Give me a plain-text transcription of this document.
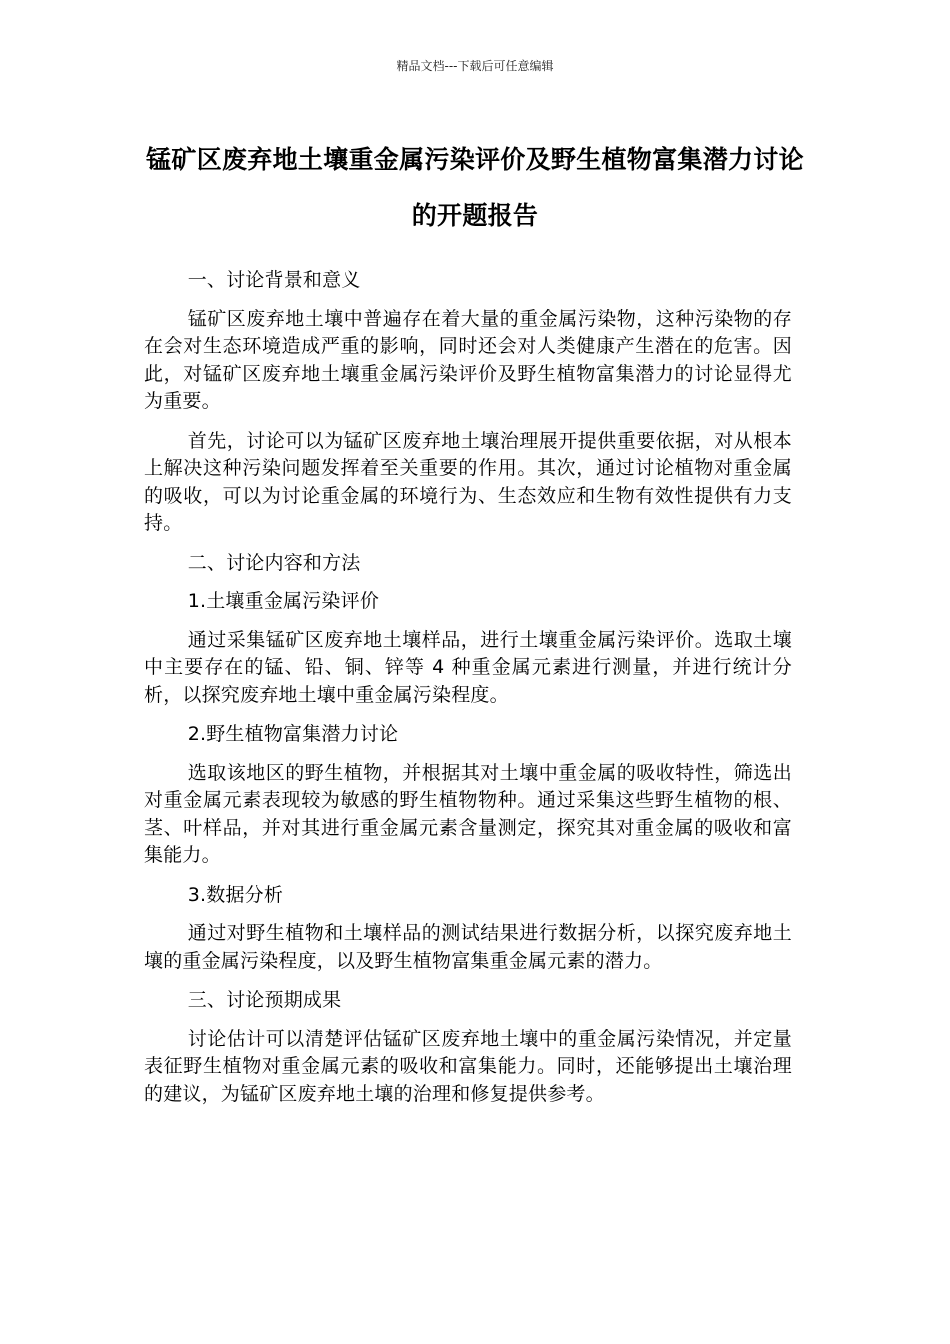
精品文档---下载后可任意编辑
锰矿区废弃地土壤重金属污染评价及野生植物富集潜力讨论的开题报告

一、讨论背景和意义

锰矿区废弃地土壤中普遍存在着大量的重金属污染物，这种污染物的存在会对生态环境造成严重的影响，同时还会对人类健康产生潜在的危害。因此，对锰矿区废弃地土壤重金属污染评价及野生植物富集潜力的讨论显得尤为重要。

首先，讨论可以为锰矿区废弃地土壤治理展开提供重要依据，对从根本上解决这种污染问题发挥着至关重要的作用。其次，通过讨论植物对重金属的吸收，可以为讨论重金属的环境行为、生态效应和生物有效性提供有力支持。

二、讨论内容和方法

1.土壤重金属污染评价

通过采集锰矿区废弃地土壤样品，进行土壤重金属污染评价。选取土壤中主要存在的锰、铅、铜、锌等 4 种重金属元素进行测量，并进行统计分析，以探究废弃地土壤中重金属污染程度。

2.野生植物富集潜力讨论

选取该地区的野生植物，并根据其对土壤中重金属的吸收特性，筛选出对重金属元素表现较为敏感的野生植物物种。通过采集这些野生植物的根、茎、叶样品，并对其进行重金属元素含量测定，探究其对重金属的吸收和富集能力。

3.数据分析

通过对野生植物和土壤样品的测试结果进行数据分析，以探究废弃地土壤的重金属污染程度，以及野生植物富集重金属元素的潜力。

三、讨论预期成果

讨论估计可以清楚评估锰矿区废弃地土壤中的重金属污染情况，并定量表征野生植物对重金属元素的吸收和富集能力。同时，还能够提出土壤治理的建议，为锰矿区废弃地土壤的治理和修复提供参考。
